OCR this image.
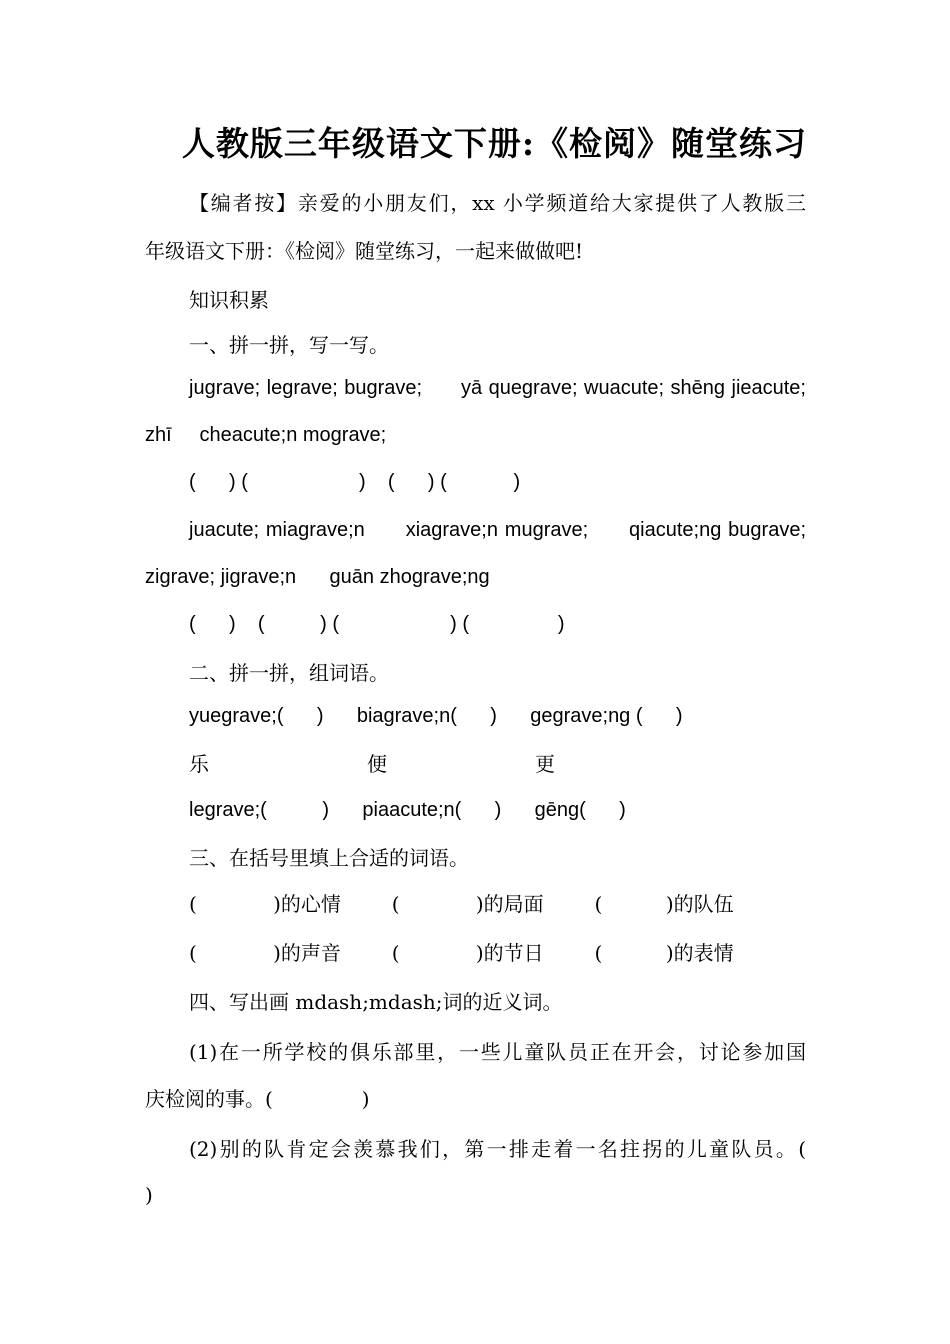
人教版三年级语文下册:《检阅》随堂练习
【编者按】亲爱的小朋友们，xx 小学频道给大家提供了人教版三
年级语文下册：《检阅》随堂练习，一起来做做吧!
知识积累
一、拼一拼，写一写。
jugrave; legrave; bugrave;      yā quegrave; wuacute; shēng jieacute;
zhī     cheacute;n mograve;
(      ) (                    )    (      ) (            )
juacute; miagrave;n      xiagrave;n mugrave;      qiacute;ng bugrave;
zigrave; jigrave;n      guān zhograve;ng
(      )    (          ) (                    ) (                )
二、拼一拼，组词语。
yuegrave;(      )      biagrave;n(      )      gegrave;ng (      )
乐	便	更
legrave;(          )      piaacute;n(      )      gēng(      )
三、在括号里填上合适的词语。
(            )的心情        (            )的局面        (          )的队伍
(            )的声音        (            )的节日        (          )的表情
四、写出画 mdash;mdash;词的近义词。
(1)在一所学校的俱乐部里，一些儿童队员正在开会，讨论参加国
庆检阅的事。(              )
(2)别的队肯定会羡慕我们，第一排走着一名拄拐的儿童队员。(
)
